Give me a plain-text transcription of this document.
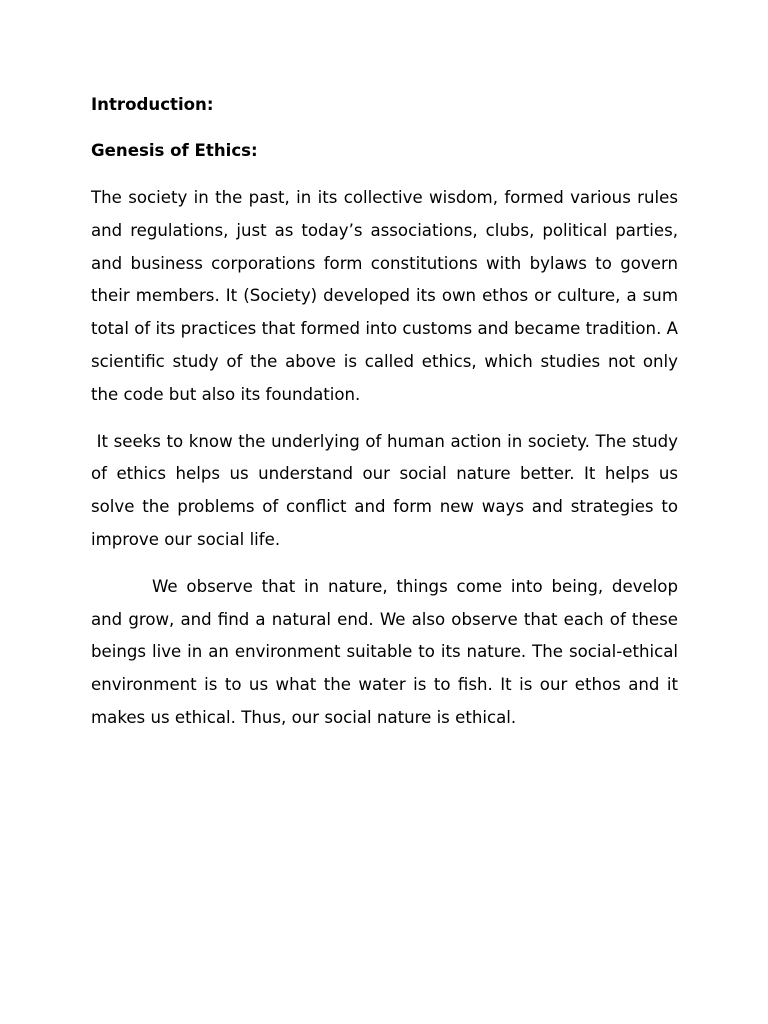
Introduction:
Genesis of Ethics:

The society in the past, in its collective wisdom, formed various rules and regulations, just as today’s associations, clubs, political parties, and business corporations form constitutions with bylaws to govern their members. It (Society) developed its own ethos or culture, a sum total of its practices that formed into customs and became tradition. A scientific study of the above is called ethics, which studies not only the code but also its foundation.

It seeks to know the underlying of human action in society. The study of ethics helps us understand our social nature better. It helps us solve the problems of conflict and form new ways and strategies to improve our social life.

We observe that in nature, things come into being, develop and grow, and find a natural end. We also observe that each of these beings live in an environment suitable to its nature. The social-ethical environment is to us what the water is to fish. It is our ethos and it makes us ethical. Thus, our social nature is ethical.
